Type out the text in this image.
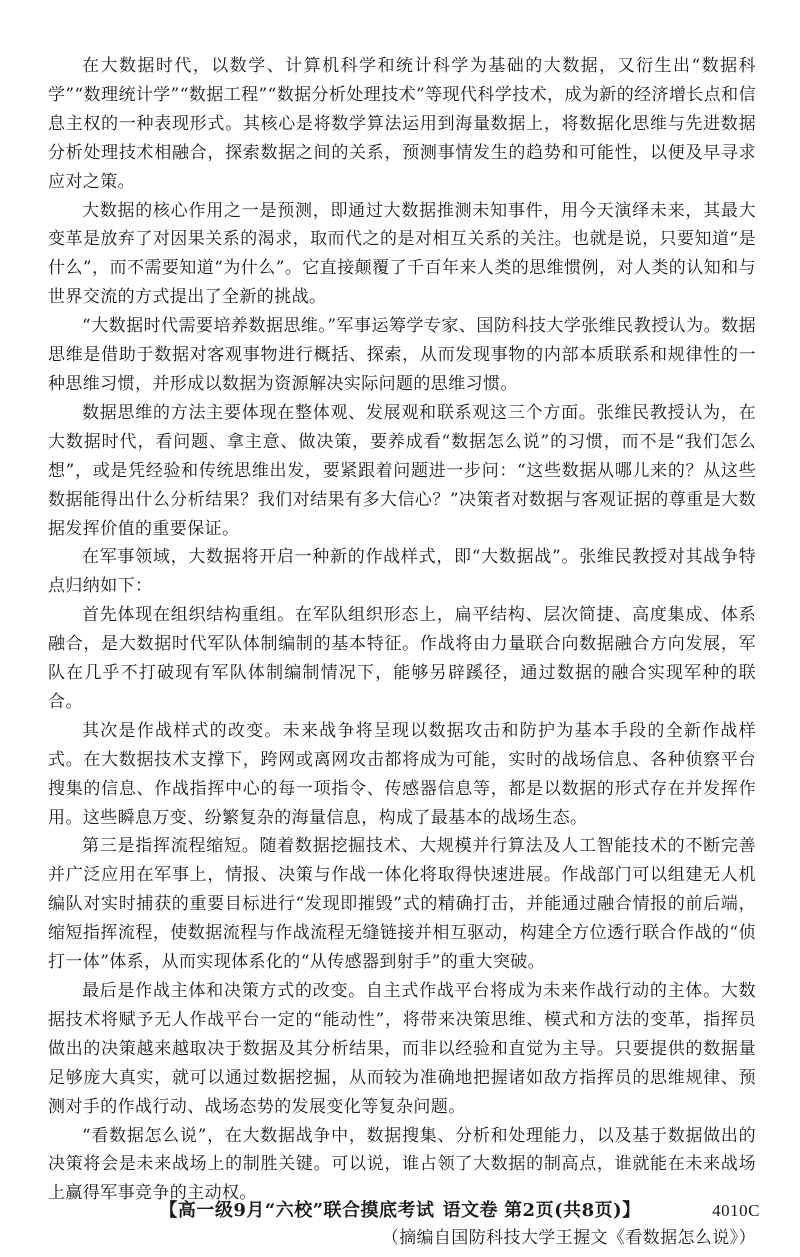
在大数据时代，以数学、计算机科学和统计科学为基础的大数据，又衍生出“数据科学”“数理统计学”“数据工程”“数据分析处理技术”等现代科学技术，成为新的经济增长点和信息主权的一种表现形式。其核心是将数学算法运用到海量数据上，将数据化思维与先进数据分析处理技术相融合，探索数据之间的关系，预测事情发生的趋势和可能性，以便及早寻求应对之策。

大数据的核心作用之一是预测，即通过大数据推测未知事件，用今天演绎未来，其最大变革是放弃了对因果关系的渴求，取而代之的是对相互关系的关注。也就是说，只要知道“是什么”，而不需要知道“为什么”。它直接颠覆了千百年来人类的思维惯例，对人类的认知和与世界交流的方式提出了全新的挑战。

“大数据时代需要培养数据思维。”军事运筹学专家、国防科技大学张维民教授认为。数据思维是借助于数据对客观事物进行概括、探索，从而发现事物的内部本质联系和规律性的一种思维习惯，并形成以数据为资源解决实际问题的思维习惯。

数据思维的方法主要体现在整体观、发展观和联系观这三个方面。张维民教授认为，在大数据时代，看问题、拿主意、做决策，要养成看“数据怎么说”的习惯，而不是“我们怎么想”，或是凭经验和传统思维出发，要紧跟着问题进一步问：“这些数据从哪儿来的？从这些数据能得出什么分析结果？我们对结果有多大信心？”决策者对数据与客观证据的尊重是大数据发挥价值的重要保证。

在军事领域，大数据将开启一种新的作战样式，即“大数据战”。张维民教授对其战争特点归纳如下：

首先体现在组织结构重组。在军队组织形态上，扁平结构、层次简捷、高度集成、体系融合，是大数据时代军队体制编制的基本特征。作战将由力量联合向数据融合方向发展，军队在几乎不打破现有军队体制编制情况下，能够另辟蹊径，通过数据的融合实现军种的联合。

其次是作战样式的改变。未来战争将呈现以数据攻击和防护为基本手段的全新作战样式。在大数据技术支撑下，跨网或离网攻击都将成为可能，实时的战场信息、各种侦察平台搜集的信息、作战指挥中心的每一项指令、传感器信息等，都是以数据的形式存在并发挥作用。这些瞬息万变、纷繁复杂的海量信息，构成了最基本的战场生态。

第三是指挥流程缩短。随着数据挖掘技术、大规模并行算法及人工智能技术的不断完善并广泛应用在军事上，情报、决策与作战一体化将取得快速进展。作战部门可以组建无人机编队对实时捕获的重要目标进行“发现即摧毁”式的精确打击，并能通过融合情报的前后端，缩短指挥流程，使数据流程与作战流程无缝链接并相互驱动，构建全方位透行联合作战的“侦打一体”体系，从而实现体系化的“从传感器到射手”的重大突破。

最后是作战主体和决策方式的改变。自主式作战平台将成为未来作战行动的主体。大数据技术将赋予无人作战平台一定的“能动性”，将带来决策思维、模式和方法的变革，指挥员做出的决策越来越取决于数据及其分析结果，而非以经验和直觉为主导。只要提供的数据量足够庞大真实，就可以通过数据挖掘，从而较为准确地把握诸如敌方指挥员的思维规律、预测对手的作战行动、战场态势的发展变化等复杂问题。

“看数据怎么说”，在大数据战争中，数据搜集、分析和处理能力，以及基于数据做出的决策将会是未来战场上的制胜关键。可以说，谁占领了大数据的制高点，谁就能在未来战场上赢得军事竞争的主动权。

（摘编自国防科技大学王握文《看数据怎么说》）

【高一级9月“六校”联合摸底考试 语文卷 第2页(共8页)】	4010C
